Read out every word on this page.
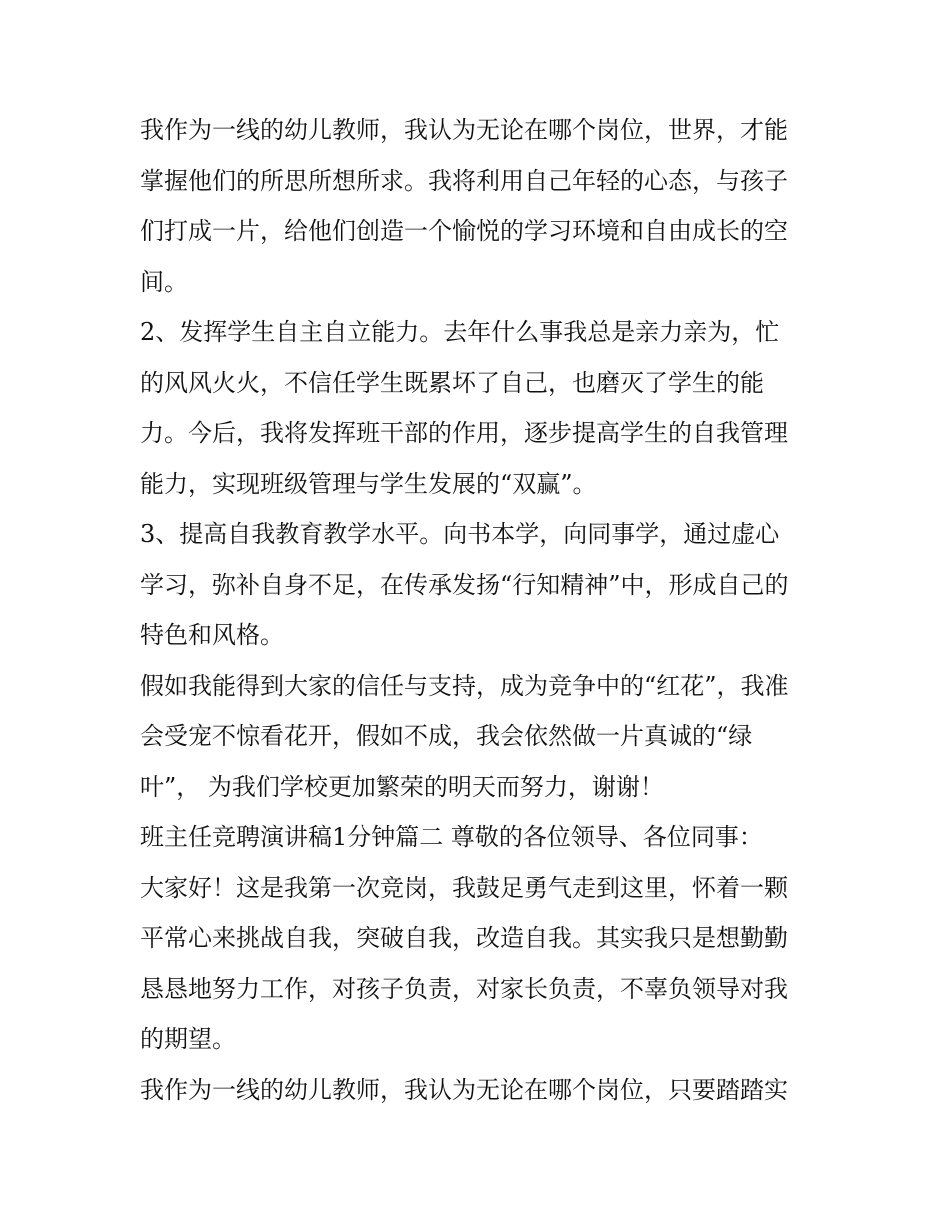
我作为一线的幼儿教师，我认为无论在哪个岗位，世界，才能
掌握他们的所思所想所求。我将利用自己年轻的心态，与孩子
们打成一片，给他们创造一个愉悦的学习环境和自由成长的空
间。
2、发挥学生自主自立能力。去年什么事我总是亲力亲为，忙
的风风火火，不信任学生既累坏了自己，也磨灭了学生的能
力。今后，我将发挥班干部的作用，逐步提高学生的自我管理
能力，实现班级管理与学生发展的“双赢”。
3、提高自我教育教学水平。向书本学，向同事学，通过虚心
学习，弥补自身不足，在传承发扬“行知精神”中，形成自己的
特色和风格。
假如我能得到大家的信任与支持，成为竞争中的“红花”，我准
会受宠不惊看花开，假如不成，我会依然做一片真诚的“绿
叶”， 为我们学校更加繁荣的明天而努力，谢谢！
班主任竞聘演讲稿1分钟篇二 尊敬的各位领导、各位同事：
大家好！这是我第一次竞岗，我鼓足勇气走到这里，怀着一颗
平常心来挑战自我，突破自我，改造自我。其实我只是想勤勤
恳恳地努力工作，对孩子负责，对家长负责，不辜负领导对我
的期望。
我作为一线的幼儿教师，我认为无论在哪个岗位，只要踏踏实
